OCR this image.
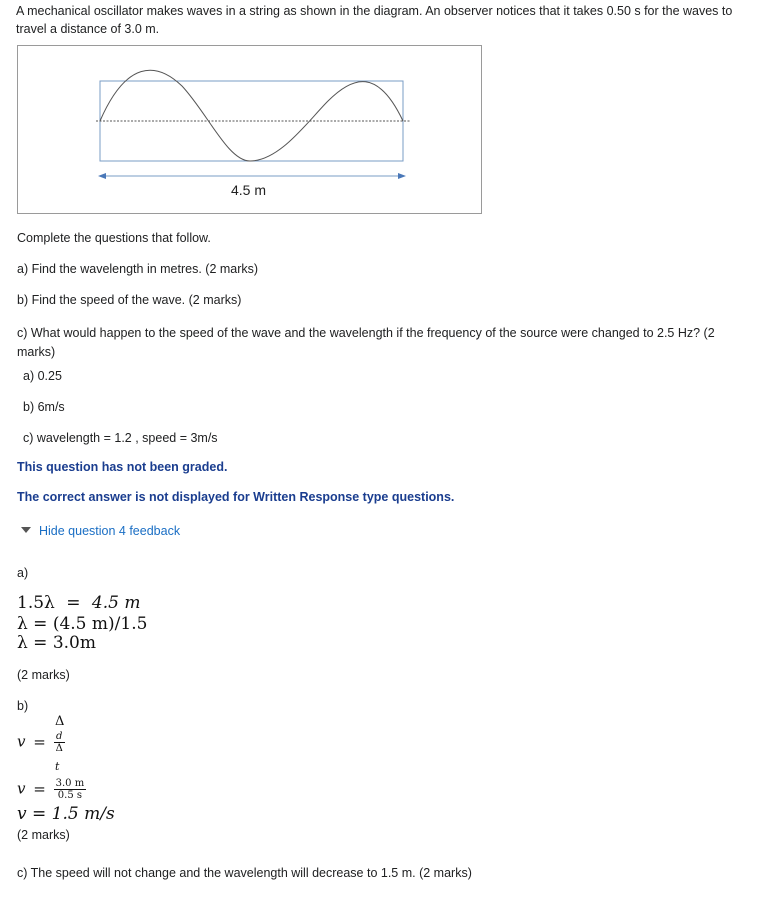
A mechanical oscillator makes waves in a string as shown in the diagram. An observer notices that it takes 0.50 s for the waves to travel a distance of 3.0 m.
4.5 m
Complete the questions that follow.
a) Find the wavelength in metres. (2 marks)
b) Find the speed of the wave. (2 marks)
c) What would happen to the speed of the wave and the wavelength if the frequency of the source were changed to 2.5 Hz? (2 marks)
a) 0.25
b) 6m/s
c) wavelength = 1.2 , speed = 3m/s
This question has not been graded.
The correct answer is not displayed for Written Response type questions.
Hide question 4 feedback
a)
1.5λ = 4.5 m
λ = (4.5 m)/1.5
λ = 3.0m
(2 marks)
b)
Δ
$v = \frac{d}{\Delta}$
t
$v = \frac{3.0 m}{0.5 s}$
v = 1.5 m/s
(2 marks)
c) The speed will not change and the wavelength will decrease to 1.5 m. (2 marks)
